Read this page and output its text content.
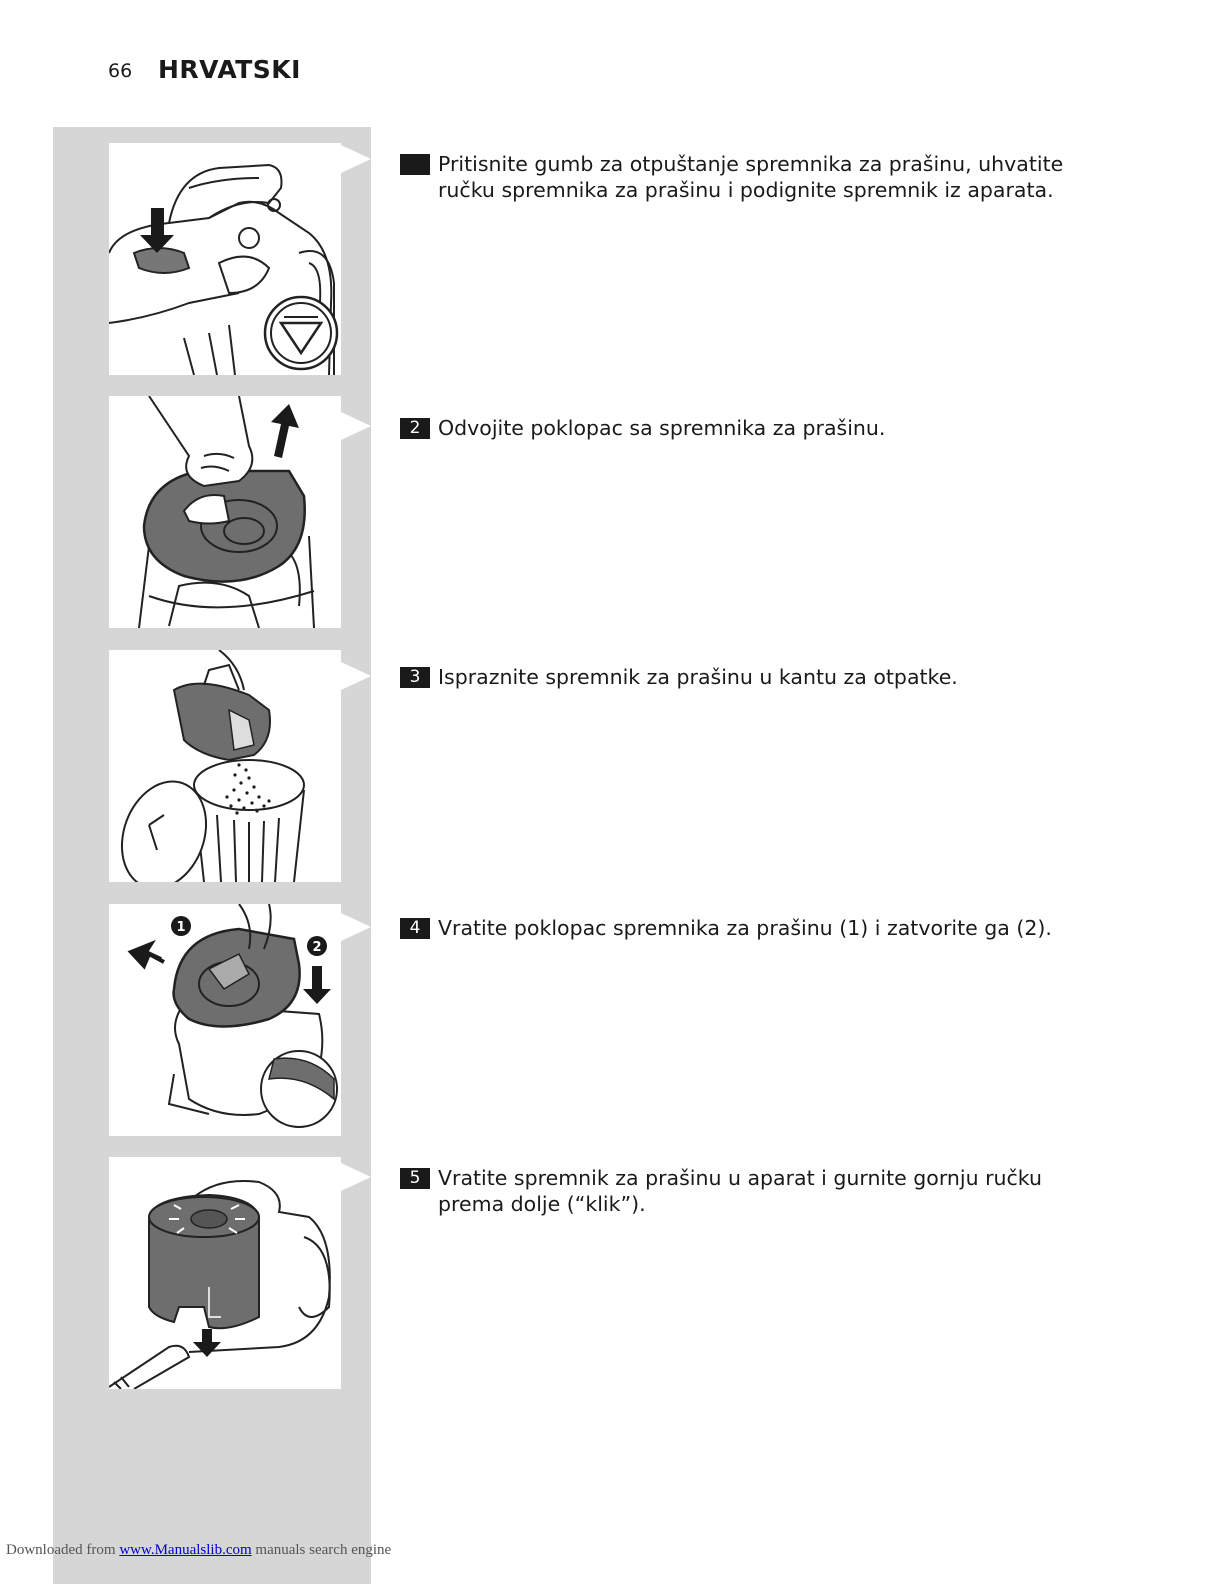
66 HRVATSKI
1
2
Pritisnite gumb za otpuštanje spremnika za prašinu, uhvatite ručku spremnika za prašinu i podignite spremnik iz aparata.
2 Odvojite poklopac sa spremnika za prašinu.
3 Ispraznite spremnik za prašinu u kantu za otpatke.
4 Vratite poklopac spremnika za prašinu (1) i zatvorite ga (2).
5 Vratite spremnik za prašinu u aparat i gurnite gornju ručku prema dolje (“klik”).
Downloaded from www.Manualslib.com manuals search engine
